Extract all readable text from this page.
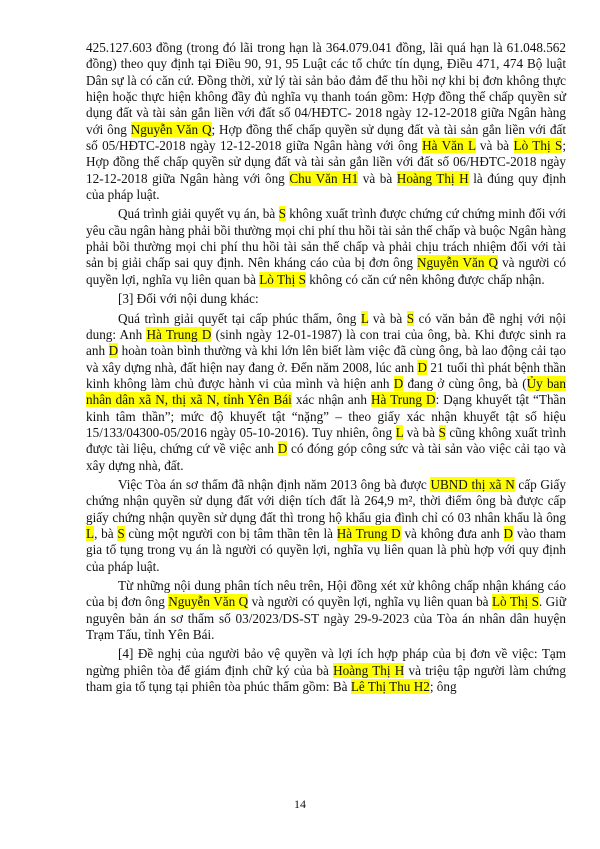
425.127.603 đồng (trong đó lãi trong hạn là 364.079.041 đồng, lãi quá hạn là 61.048.562 đồng) theo quy định tại Điều 90, 91, 95 Luật các tổ chức tín dụng, Điều 471, 474 Bộ luật Dân sự là có căn cứ. Đồng thời, xử lý tài sản bảo đảm để thu hồi nợ khi bị đơn không thực hiện hoặc thực hiện không đầy đủ nghĩa vụ thanh toán gồm: Hợp đồng thế chấp quyền sử dụng đất và tài sản gắn liền với đất số 04/HĐTC- 2018 ngày 12-12-2018 giữa Ngân hàng với ông Nguyễn Văn Q; Hợp đồng thế chấp quyền sử dụng đất và tài sản gắn liền với đất số 05/HĐTC-2018 ngày 12-12-2018 giữa Ngân hàng với ông Hà Văn L và bà Lò Thị S; Hợp đồng thế chấp quyền sử dụng đất và tài sản gắn liền với đất số 06/HĐTC-2018 ngày 12-12-2018 giữa Ngân hàng với ông Chu Văn H1 và bà Hoàng Thị H là đúng quy định của pháp luật.

Quá trình giải quyết vụ án, bà S không xuất trình được chứng cứ chứng minh đối với yêu cầu ngân hàng phải bồi thường mọi chi phí thu hồi tài sản thế chấp và buộc Ngân hàng phải bồi thường mọi chi phí thu hồi tài sản thế chấp và phải chịu trách nhiệm đối với tài sản bị giải chấp sai quy định. Nên kháng cáo của bị đơn ông Nguyễn Văn Q và người có quyền lợi, nghĩa vụ liên quan bà Lò Thị S không có căn cứ nên không được chấp nhận.

[3] Đối với nội dung khác:

Quá trình giải quyết tại cấp phúc thẩm, ông L và bà S có văn bản đề nghị với nội dung: Anh Hà Trung D (sinh ngày 12-01-1987) là con trai của ông, bà. Khi được sinh ra anh D hoàn toàn bình thường và khi lớn lên biết làm việc đã cùng ông, bà lao động cải tạo và xây dựng nhà, đất hiện nay đang ở. Đến năm 2008, lúc anh D 21 tuổi thì phát bệnh thần kinh không làm chủ được hành vi của mình và hiện anh D đang ở cùng ông, bà (Ủy ban nhân dân xã N, thị xã N, tỉnh Yên Bái xác nhận anh Hà Trung D: Dạng khuyết tật “Thần kinh tâm thần”; mức độ khuyết tật “nặng” – theo giấy xác nhận khuyết tật số hiệu 15/133/04300-05/2016 ngày 05-10-2016). Tuy nhiên, ông L và bà S cũng không xuất trình được tài liệu, chứng cứ về việc anh D có đóng góp công sức và tài sản vào việc cải tạo và xây dựng nhà, đất.

Việc Tòa án sơ thẩm đã nhận định năm 2013 ông bà được UBND thị xã N cấp Giấy chứng nhận quyền sử dụng đất với diện tích đất là 264,9 m², thời điểm ông bà được cấp giấy chứng nhận quyền sử dụng đất thì trong hộ khẩu gia đình chỉ có 03 nhân khẩu là ông L, bà S cùng một người con bị tâm thần tên là Hà Trung D và không đưa anh D vào tham gia tố tụng trong vụ án là người có quyền lợi, nghĩa vụ liên quan là phù hợp với quy định của pháp luật.

Từ những nội dung phân tích nêu trên, Hội đồng xét xử không chấp nhận kháng cáo của bị đơn ông Nguyễn Văn Q và người có quyền lợi, nghĩa vụ liên quan bà Lò Thị S. Giữ nguyên bản án sơ thẩm số 03/2023/DS-ST ngày 29-9-2023 của Tòa án nhân dân huyện Trạm Tấu, tỉnh Yên Bái.

[4] Đề nghị của người bảo vệ quyền và lợi ích hợp pháp của bị đơn về việc: Tạm ngừng phiên tòa để giám định chữ ký của bà Hoàng Thị H và triệu tập người làm chứng tham gia tố tụng tại phiên tòa phúc thẩm gồm: Bà Lê Thị Thu H2; ông

14
